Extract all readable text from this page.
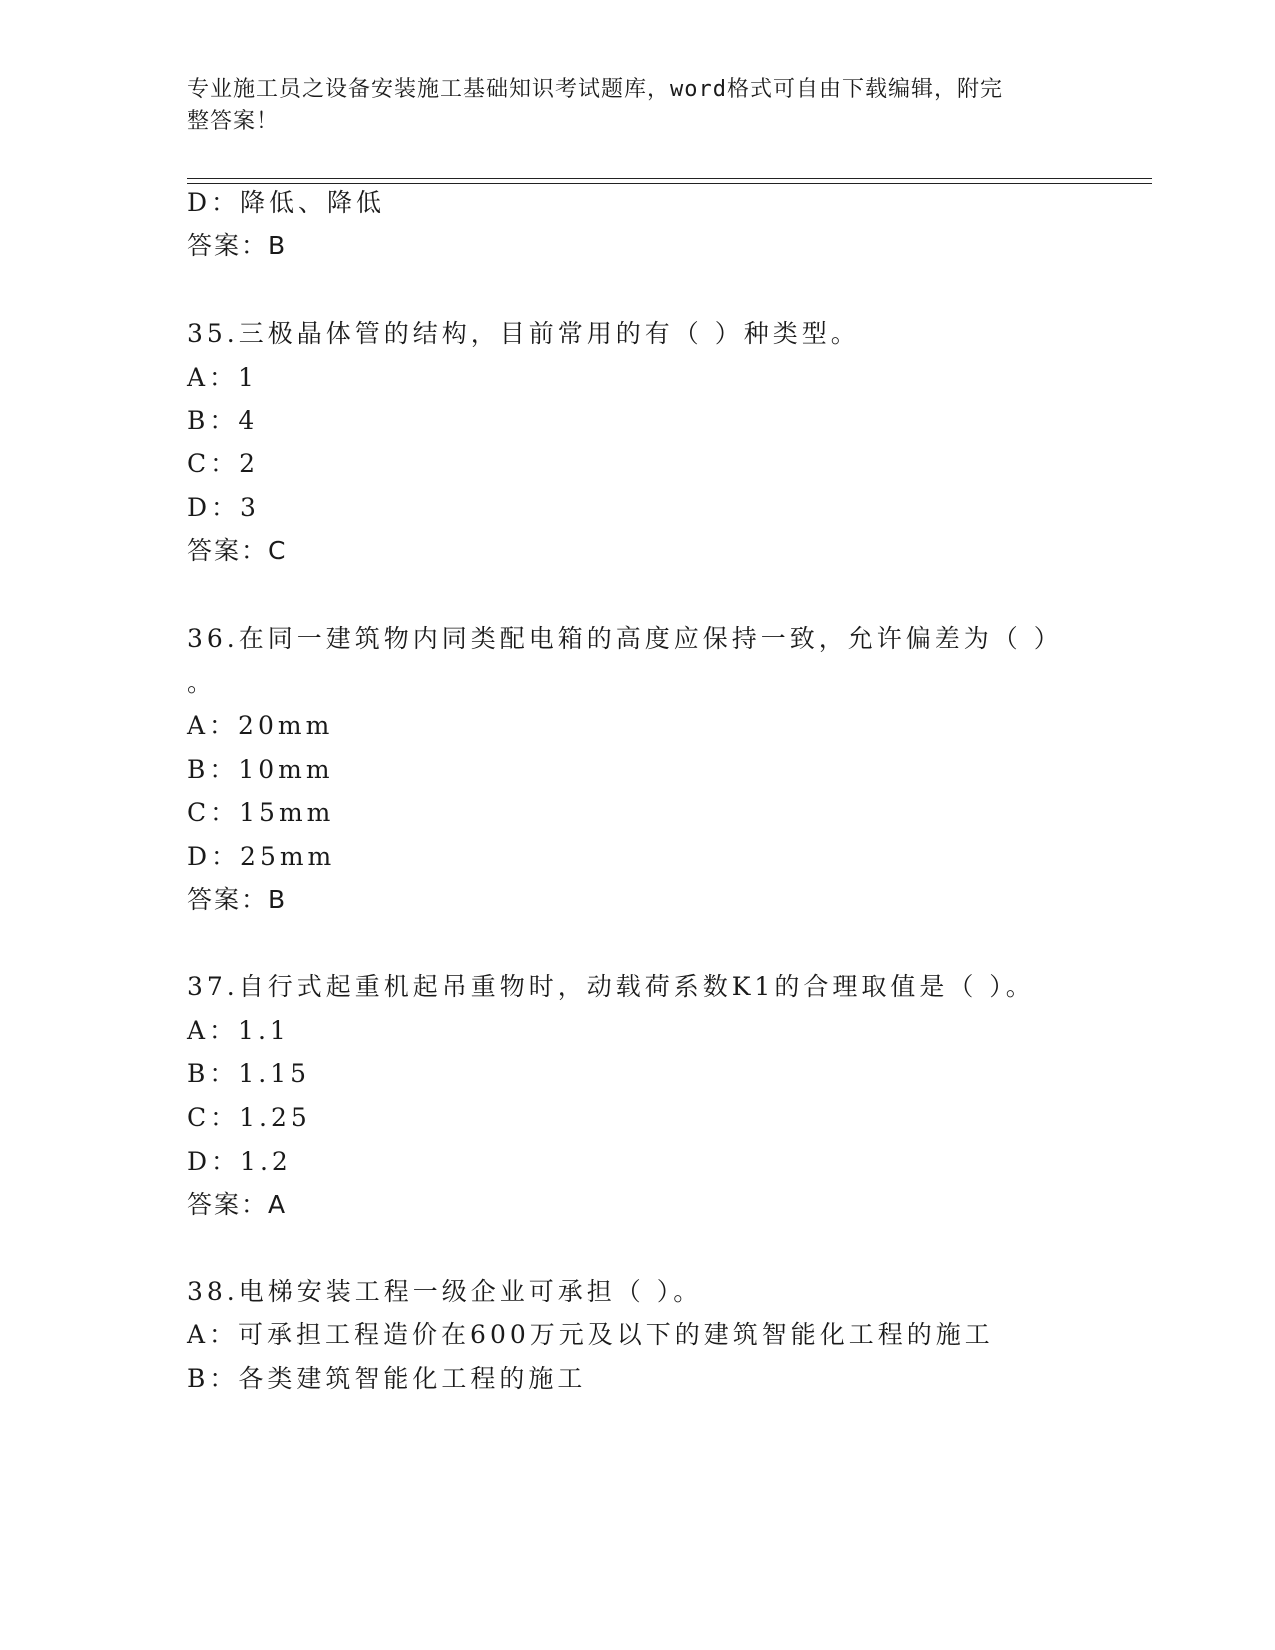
专业施工员之设备安装施工基础知识考试题库，word格式可自由下载编辑，附完
整答案！
D：降低、降低
答案：B
35.三极晶体管的结构，目前常用的有（ ）种类型。
A：1
B：4
C：2
D：3
答案：C
36.在同一建筑物内同类配电箱的高度应保持一致，允许偏差为（ ）
。
A：20mm
B：10mm
C：15mm
D：25mm
答案：B
37.自行式起重机起吊重物时，动载荷系数K1的合理取值是（ ）。
A：1.1
B：1.15
C：1.25
D：1.2
答案：A
38.电梯安装工程一级企业可承担（ ）。
A：可承担工程造价在600万元及以下的建筑智能化工程的施工
B：各类建筑智能化工程的施工
